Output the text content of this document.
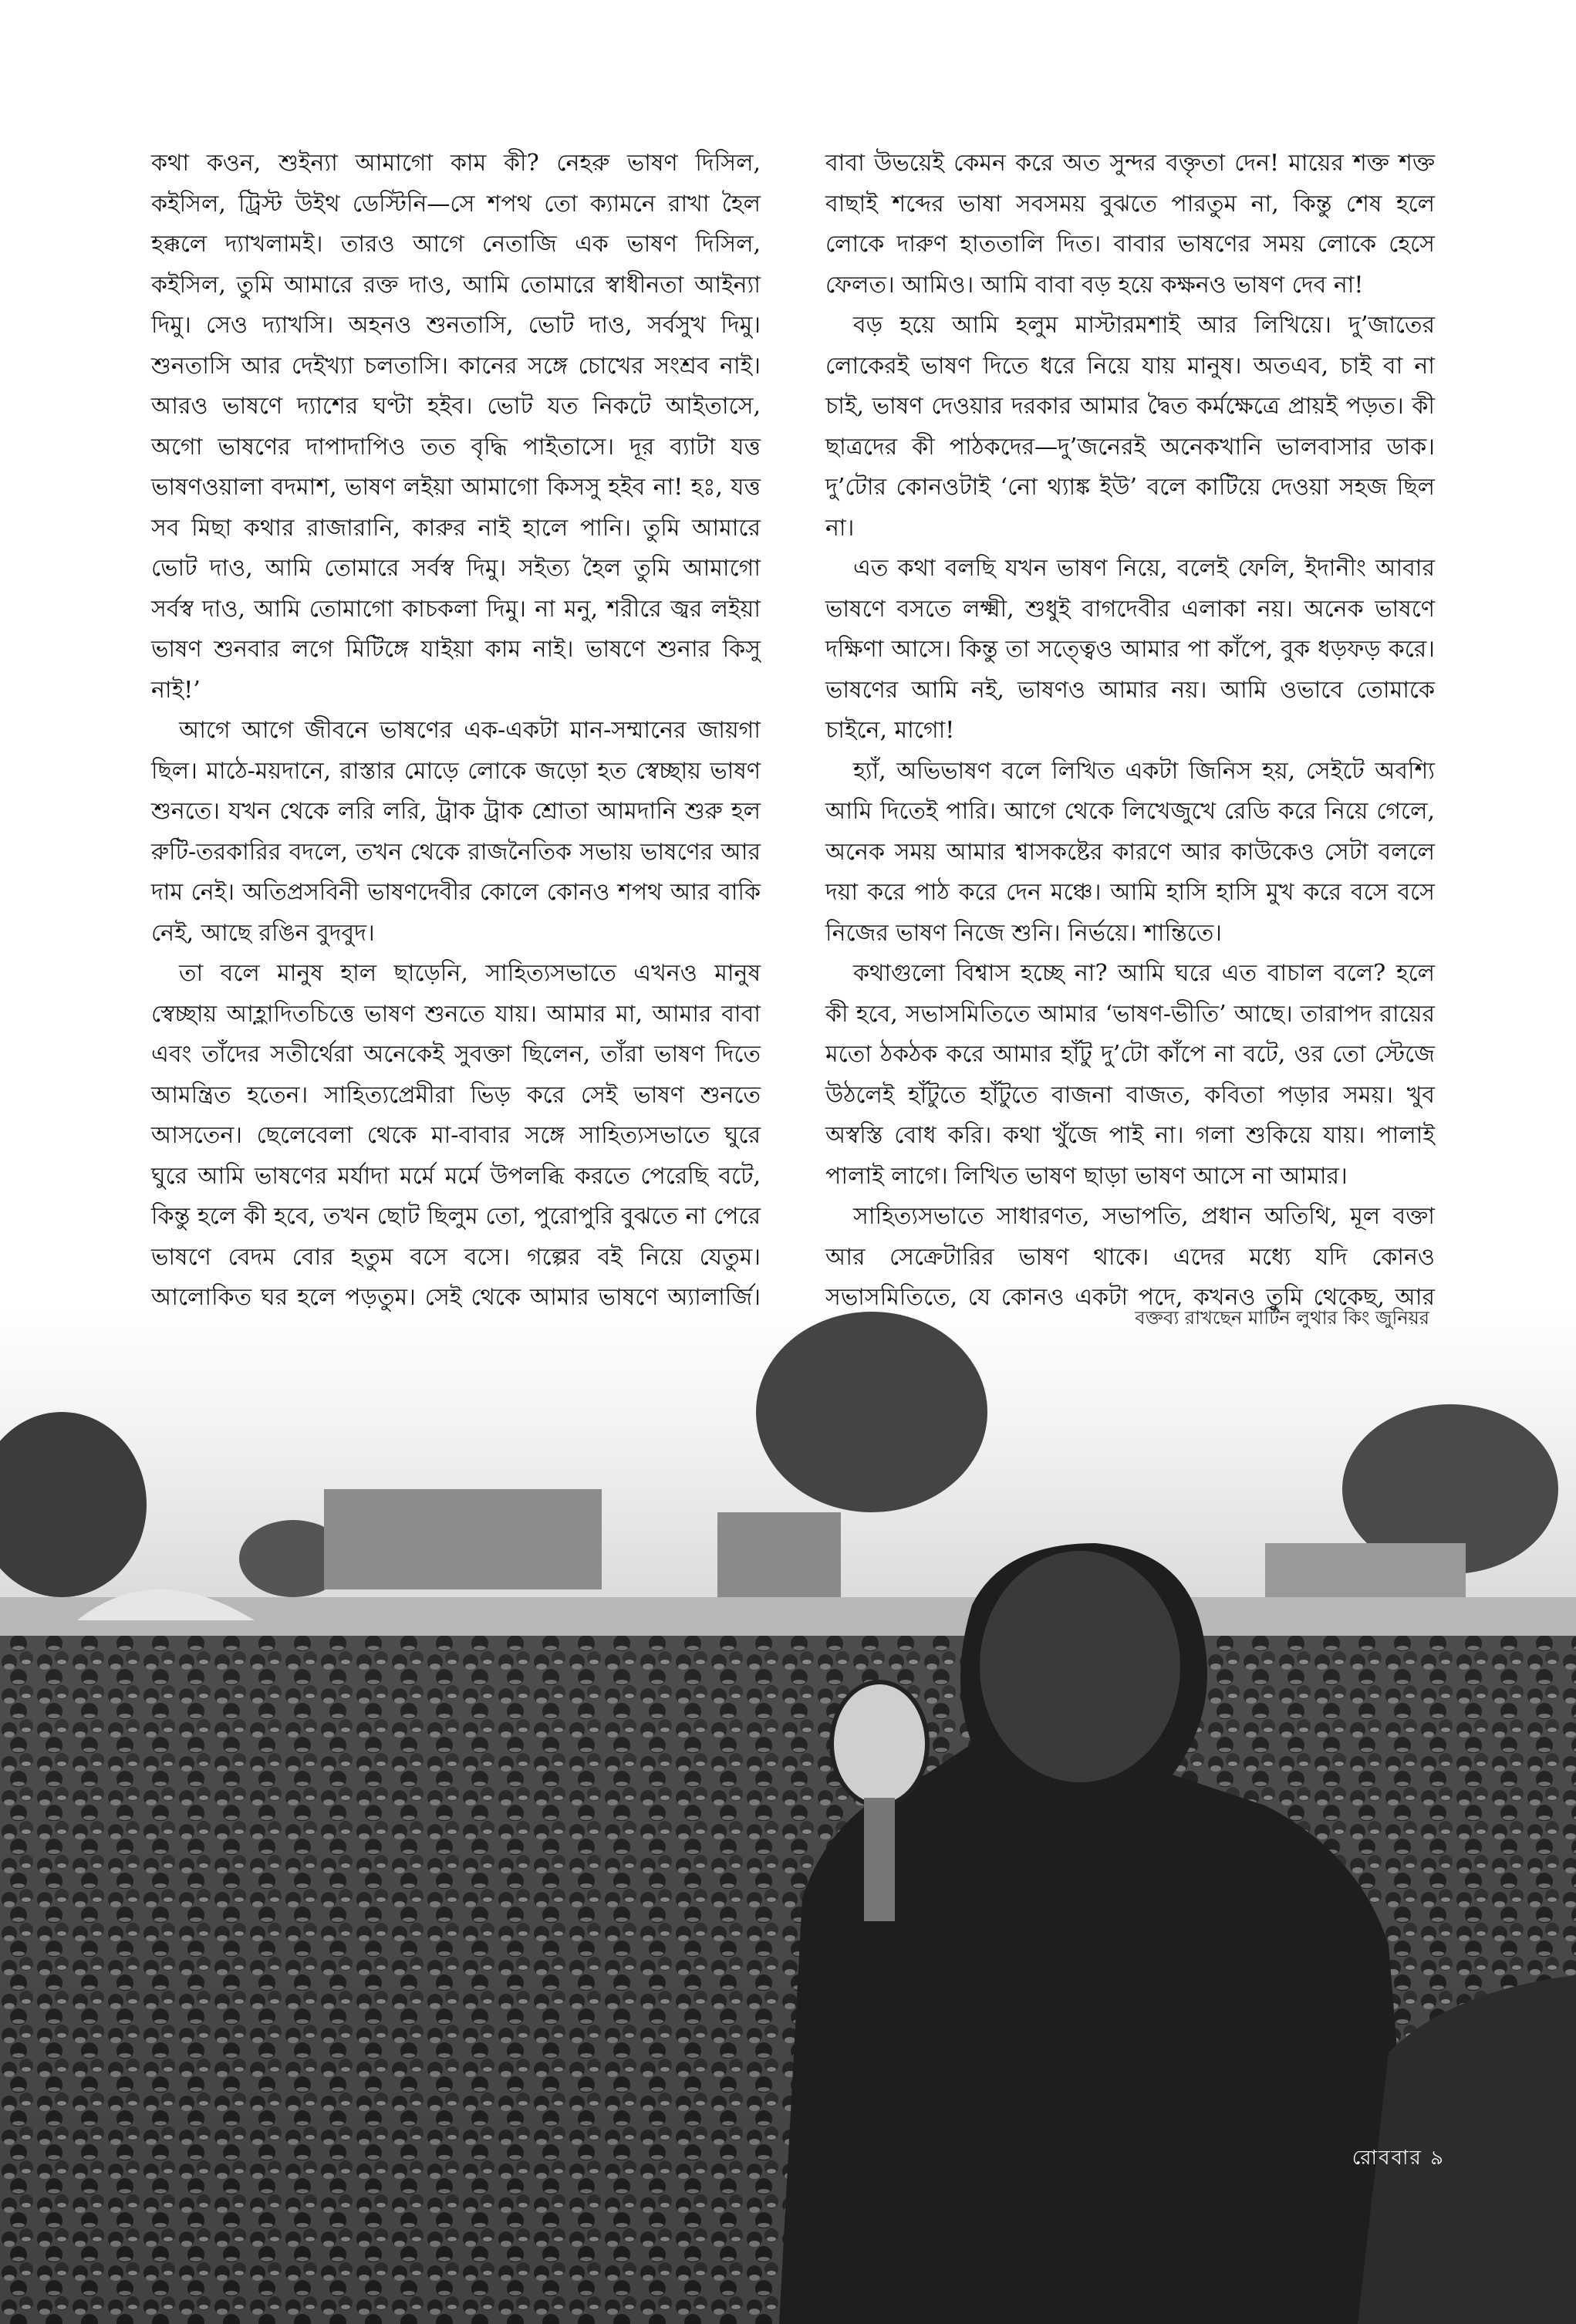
কথা কওন, শুইন্যা আমাগো কাম কী? নেহরু ভাষণ দিসিল, কইসিল, ট্রিস্ট উইথ ডেস্টিনি—সে শপথ তো ক্যামনে রাখা হৈল হক্কলে দ্যাখলামই। তারও আগে নেতাজি এক ভাষণ দিসিল, কইসিল, তুমি আমারে রক্ত দাও, আমি তোমারে স্বাধীনতা আইন্যা দিমু। সেও দ্যাখসি। অহনও শুনতাসি, ভোট দাও, সর্বসুখ দিমু। শুনতাসি আর দেইখ্যা চলতাসি। কানের সঙ্গে চোখের সংশ্রব নাই। আরও ভাষণে দ্যাশের ঘণ্টা হইব। ভোট যত নিকটে আইতাসে, অগো ভাষণের দাপাদাপিও তত বৃদ্ধি পাইতাসে। দূর ব্যাটা যত্ত ভাষণওয়ালা বদমাশ, ভাষণ লইয়া আমাগো কিসসু হইব না! হঃ, যত্ত সব মিছা কথার রাজারানি, কারুর নাই হালে পানি। তুমি আমারে ভোট দাও, আমি তোমারে সর্বস্ব দিমু। সইত্য হৈল তুমি আমাগো সর্বস্ব দাও, আমি তোমাগো কাচকলা দিমু। না মনু, শরীরে জ্বর লইয়া ভাষণ শুনবার লগে মিটিঙ্গে যাইয়া কাম নাই। ভাষণে শুনার কিসু নাই!’

আগে আগে জীবনে ভাষণের এক-একটা মান-সম্মানের জায়গা ছিল। মাঠে-ময়দানে, রাস্তার মোড়ে লোকে জড়ো হত স্বেচ্ছায় ভাষণ শুনতে। যখন থেকে লরি লরি, ট্রাক ট্রাক শ্রোতা আমদানি শুরু হল রুটি-তরকারির বদলে, তখন থেকে রাজনৈতিক সভায় ভাষণের আর দাম নেই। অতিপ্রসবিনী ভাষণদেবীর কোলে কোনও শপথ আর বাকি নেই, আছে রঙিন বুদবুদ।

তা বলে মানুষ হাল ছাড়েনি, সাহিত্যসভাতে এখনও মানুষ স্বেচ্ছায় আহ্লাদিতচিত্তে ভাষণ শুনতে যায়। আমার মা, আমার বাবা এবং তাঁদের সতীর্থেরা অনেকেই সুবক্তা ছিলেন, তাঁরা ভাষণ দিতে আমন্ত্রিত হতেন। সাহিত্যপ্রেমীরা ভিড় করে সেই ভাষণ শুনতে আসতেন। ছেলেবেলা থেকে মা-বাবার সঙ্গে সাহিত্যসভাতে ঘুরে ঘুরে আমি ভাষণের মর্যাদা মর্মে মর্মে উপলব্ধি করতে পেরেছি বটে, কিন্তু হলে কী হবে, তখন ছোট ছিলুম তো, পুরোপুরি বুঝতে না পেরে ভাষণে বেদম বোর হতুম বসে বসে। গল্পের বই নিয়ে যেতুম। আলোকিত ঘর হলে পড়তুম। সেই থেকে আমার ভাষণে অ্যালার্জি।

বাবা উভয়েই কেমন করে অত সুন্দর বক্তৃতা দেন! মায়ের শক্ত শক্ত বাছাই শব্দের ভাষা সবসময় বুঝতে পারতুম না, কিন্তু শেষ হলে লোকে দারুণ হাততালি দিত। বাবার ভাষণের সময় লোকে হেসে ফেলত। আমিও। আমি বাবা বড় হয়ে কক্ষনও ভাষণ দেব না!

বড় হয়ে আমি হলুম মাস্টারমশাই আর লিখিয়ে। দু’জাতের লোকেরই ভাষণ দিতে ধরে নিয়ে যায় মানুষ। অতএব, চাই বা না চাই, ভাষণ দেওয়ার দরকার আমার দ্বৈত কর্মক্ষেত্রে প্রায়ই পড়ত। কী ছাত্রদের কী পাঠকদের—দু’জনেরই অনেকখানি ভালবাসার ডাক। দু’টোর কোনওটাই ‘নো থ্যাঙ্ক ইউ’ বলে কাটিয়ে দেওয়া সহজ ছিল না।

এত কথা বলছি যখন ভাষণ নিয়ে, বলেই ফেলি, ইদানীং আবার ভাষণে বসতে লক্ষ্মী, শুধুই বাগদেবীর এলাকা নয়। অনেক ভাষণে দক্ষিণা আসে। কিন্তু তা সত্ত্বেও আমার পা কাঁপে, বুক ধড়ফড় করে। ভাষণের আমি নই, ভাষণও আমার নয়। আমি ওভাবে তোমাকে চাইনে, মাগো!

হ্যাঁ, অভিভাষণ বলে লিখিত একটা জিনিস হয়, সেইটে অবশ্যি আমি দিতেই পারি। আগে থেকে লিখেজুখে রেডি করে নিয়ে গেলে, অনেক সময় আমার শ্বাসকষ্টের কারণে আর কাউকেও সেটা বললে দয়া করে পাঠ করে দেন মঞ্চে। আমি হাসি হাসি মুখ করে বসে বসে নিজের ভাষণ নিজে শুনি। নির্ভয়ে। শান্তিতে।

কথাগুলো বিশ্বাস হচ্ছে না? আমি ঘরে এত বাচাল বলে? হলে কী হবে, সভাসমিতিতে আমার ‘ভাষণ-ভীতি’ আছে। তারাপদ রায়ের মতো ঠকঠক করে আমার হাঁটু দু’টো কাঁপে না বটে, ওর তো স্টেজে উঠলেই হাঁটুতে হাঁটুতে বাজনা বাজত, কবিতা পড়ার সময়। খুব অস্বস্তি বোধ করি। কথা খুঁজে পাই না। গলা শুকিয়ে যায়। পালাই পালাই লাগে। লিখিত ভাষণ ছাড়া ভাষণ আসে না আমার।

সাহিত্যসভাতে সাধারণত, সভাপতি, প্রধান অতিথি, মূল বক্তা আর সেক্রেটারির ভাষণ থাকে। এদের মধ্যে যদি কোনও সভাসমিতিতে, যে কোনও একটা পদে, কখনও তুমি থেকেছ, আর

বক্তব্য রাখছেন মার্টিন লুথার কিং জুনিয়র
রোববার ৯
